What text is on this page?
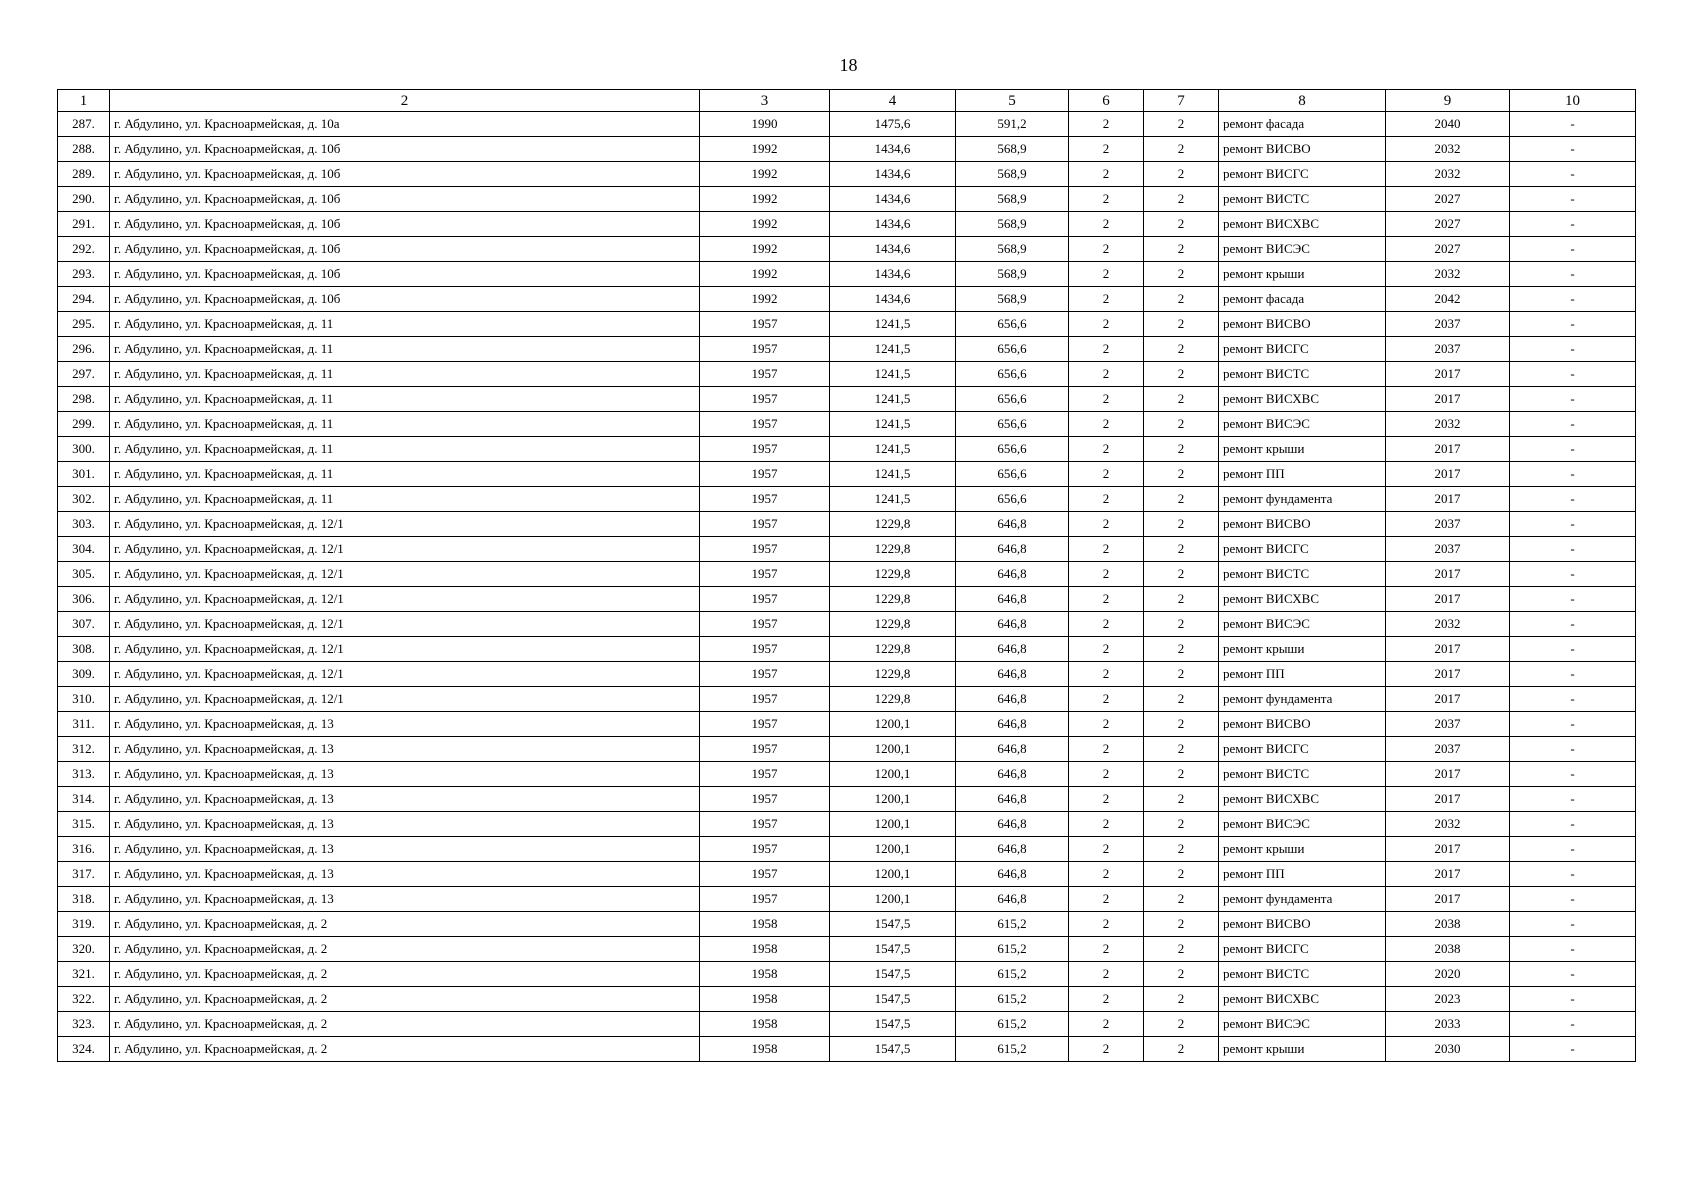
18
1	2	3	4	5	6	7	8	9	10
287.	г. Абдулино, ул. Красноармейская, д. 10а	1990	1475,6	591,2	2	2	ремонт фасада	2040	-
288.	г. Абдулино, ул. Красноармейская, д. 10б	1992	1434,6	568,9	2	2	ремонт ВИСВО	2032	-
289.	г. Абдулино, ул. Красноармейская, д. 10б	1992	1434,6	568,9	2	2	ремонт ВИСГС	2032	-
290.	г. Абдулино, ул. Красноармейская, д. 10б	1992	1434,6	568,9	2	2	ремонт ВИСТС	2027	-
291.	г. Абдулино, ул. Красноармейская, д. 10б	1992	1434,6	568,9	2	2	ремонт ВИСХВС	2027	-
292.	г. Абдулино, ул. Красноармейская, д. 10б	1992	1434,6	568,9	2	2	ремонт ВИСЭС	2027	-
293.	г. Абдулино, ул. Красноармейская, д. 10б	1992	1434,6	568,9	2	2	ремонт крыши	2032	-
294.	г. Абдулино, ул. Красноармейская, д. 10б	1992	1434,6	568,9	2	2	ремонт фасада	2042	-
295.	г. Абдулино, ул. Красноармейская, д. 11	1957	1241,5	656,6	2	2	ремонт ВИСВО	2037	-
296.	г. Абдулино, ул. Красноармейская, д. 11	1957	1241,5	656,6	2	2	ремонт ВИСГС	2037	-
297.	г. Абдулино, ул. Красноармейская, д. 11	1957	1241,5	656,6	2	2	ремонт ВИСТС	2017	-
298.	г. Абдулино, ул. Красноармейская, д. 11	1957	1241,5	656,6	2	2	ремонт ВИСХВС	2017	-
299.	г. Абдулино, ул. Красноармейская, д. 11	1957	1241,5	656,6	2	2	ремонт ВИСЭС	2032	-
300.	г. Абдулино, ул. Красноармейская, д. 11	1957	1241,5	656,6	2	2	ремонт крыши	2017	-
301.	г. Абдулино, ул. Красноармейская, д. 11	1957	1241,5	656,6	2	2	ремонт ПП	2017	-
302.	г. Абдулино, ул. Красноармейская, д. 11	1957	1241,5	656,6	2	2	ремонт фундамента	2017	-
303.	г. Абдулино, ул. Красноармейская, д. 12/1	1957	1229,8	646,8	2	2	ремонт ВИСВО	2037	-
304.	г. Абдулино, ул. Красноармейская, д. 12/1	1957	1229,8	646,8	2	2	ремонт ВИСГС	2037	-
305.	г. Абдулино, ул. Красноармейская, д. 12/1	1957	1229,8	646,8	2	2	ремонт ВИСТС	2017	-
306.	г. Абдулино, ул. Красноармейская, д. 12/1	1957	1229,8	646,8	2	2	ремонт ВИСХВС	2017	-
307.	г. Абдулино, ул. Красноармейская, д. 12/1	1957	1229,8	646,8	2	2	ремонт ВИСЭС	2032	-
308.	г. Абдулино, ул. Красноармейская, д. 12/1	1957	1229,8	646,8	2	2	ремонт крыши	2017	-
309.	г. Абдулино, ул. Красноармейская, д. 12/1	1957	1229,8	646,8	2	2	ремонт ПП	2017	-
310.	г. Абдулино, ул. Красноармейская, д. 12/1	1957	1229,8	646,8	2	2	ремонт фундамента	2017	-
311.	г. Абдулино, ул. Красноармейская, д. 13	1957	1200,1	646,8	2	2	ремонт ВИСВО	2037	-
312.	г. Абдулино, ул. Красноармейская, д. 13	1957	1200,1	646,8	2	2	ремонт ВИСГС	2037	-
313.	г. Абдулино, ул. Красноармейская, д. 13	1957	1200,1	646,8	2	2	ремонт ВИСТС	2017	-
314.	г. Абдулино, ул. Красноармейская, д. 13	1957	1200,1	646,8	2	2	ремонт ВИСХВС	2017	-
315.	г. Абдулино, ул. Красноармейская, д. 13	1957	1200,1	646,8	2	2	ремонт ВИСЭС	2032	-
316.	г. Абдулино, ул. Красноармейская, д. 13	1957	1200,1	646,8	2	2	ремонт крыши	2017	-
317.	г. Абдулино, ул. Красноармейская, д. 13	1957	1200,1	646,8	2	2	ремонт ПП	2017	-
318.	г. Абдулино, ул. Красноармейская, д. 13	1957	1200,1	646,8	2	2	ремонт фундамента	2017	-
319.	г. Абдулино, ул. Красноармейская, д. 2	1958	1547,5	615,2	2	2	ремонт ВИСВО	2038	-
320.	г. Абдулино, ул. Красноармейская, д. 2	1958	1547,5	615,2	2	2	ремонт ВИСГС	2038	-
321.	г. Абдулино, ул. Красноармейская, д. 2	1958	1547,5	615,2	2	2	ремонт ВИСТС	2020	-
322.	г. Абдулино, ул. Красноармейская, д. 2	1958	1547,5	615,2	2	2	ремонт ВИСХВС	2023	-
323.	г. Абдулино, ул. Красноармейская, д. 2	1958	1547,5	615,2	2	2	ремонт ВИСЭС	2033	-
324.	г. Абдулино, ул. Красноармейская, д. 2	1958	1547,5	615,2	2	2	ремонт крыши	2030	-
